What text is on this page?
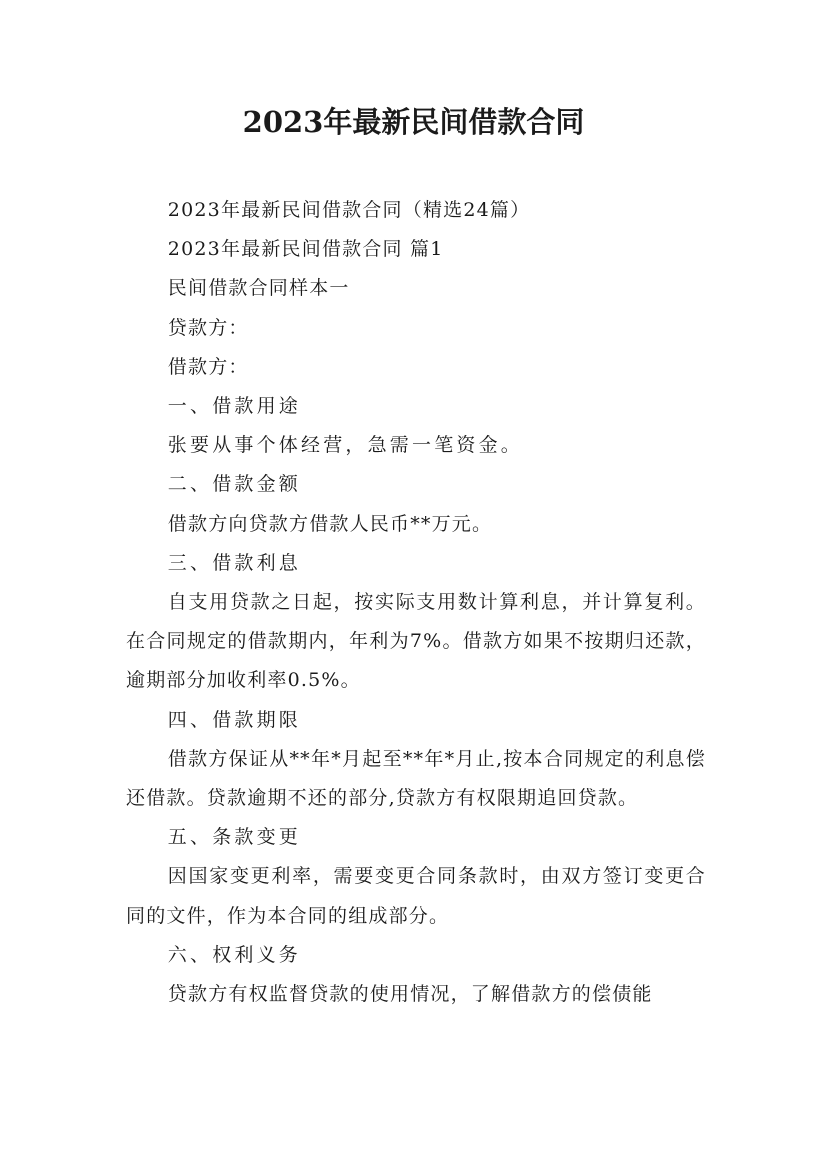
2023年最新民间借款合同

2023年最新民间借款合同（精选24篇）

2023年最新民间借款合同 篇1

民间借款合同样本一

贷款方：

借款方：

一、借款用途

张要从事个体经营，急需一笔资金。

二、借款金额

借款方向贷款方借款人民币**万元。

三、借款利息

自支用贷款之日起，按实际支用数计算利息，并计算复利。在合同规定的借款期内，年利为7%。借款方如果不按期归还款，逾期部分加收利率0.5%。

四、借款期限

借款方保证从**年*月起至**年*月止,按本合同规定的利息偿还借款。贷款逾期不还的部分,贷款方有权限期追回贷款。

五、条款变更

因国家变更利率，需要变更合同条款时，由双方签订变更合同的文件，作为本合同的组成部分。

六、权利义务

贷款方有权监督贷款的使用情况，了解借款方的偿债能
